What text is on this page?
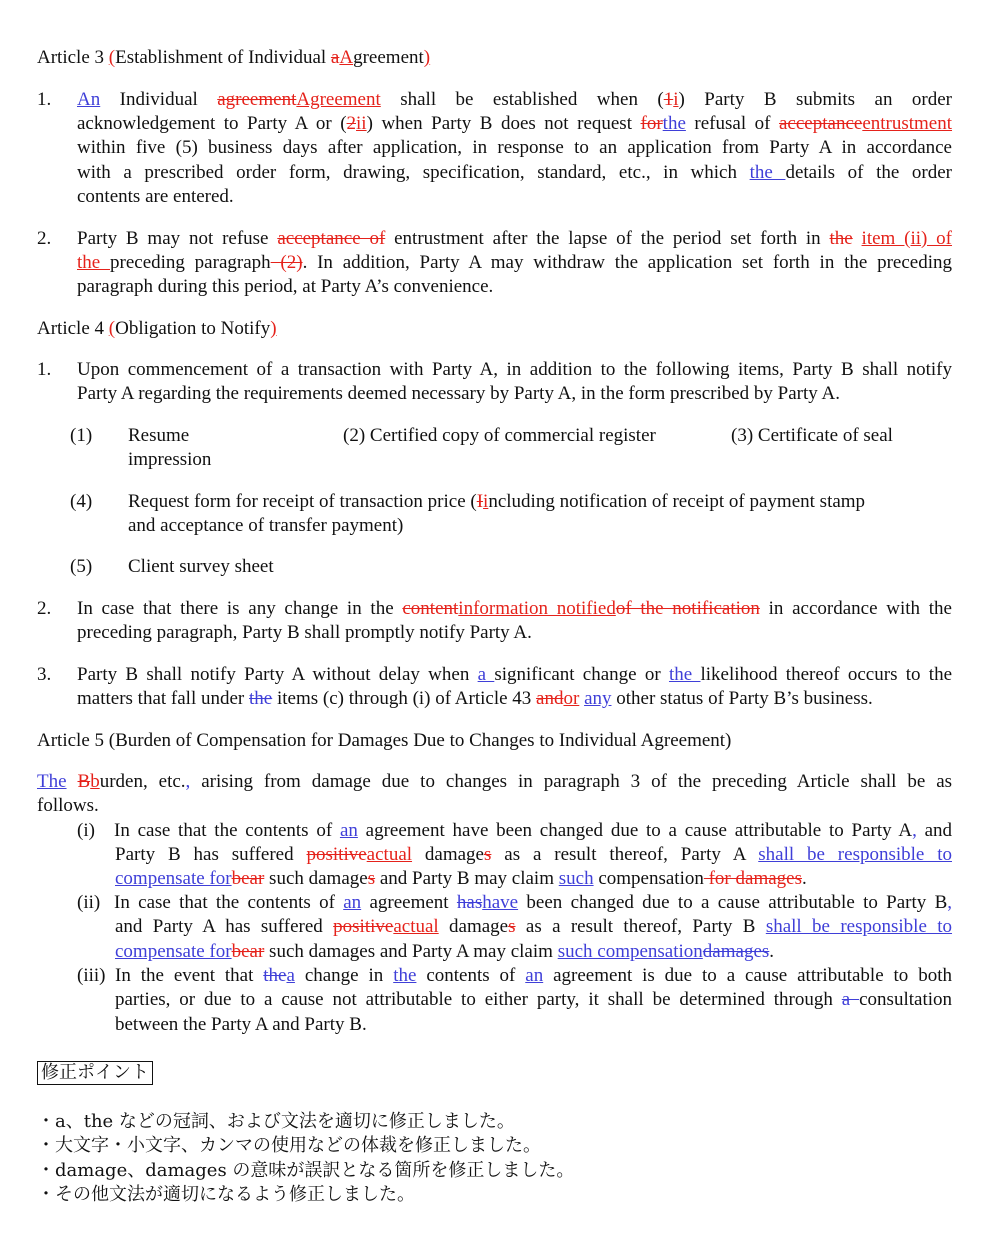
Article 3 (Establishment of Individual aAgreement)
1. An Individual agreementAgreement shall be established when (1i) Party B submits an order
acknowledgement to Party A or (2ii) when Party B does not request forthe refusal of acceptanceentrustment
within five (5) business days after application, in response to an application from Party A in accordance
with a prescribed order form, drawing, specification, standard, etc., in which the details of the order
contents are entered.
2. Party B may not refuse acceptance of entrustment after the lapse of the period set forth in the item (ii) of
the preceding paragraph (2). In addition, Party A may withdraw the application set forth in the preceding
paragraph during this period, at Party A’s convenience.
Article 4 (Obligation to Notify)
1. Upon commencement of a transaction with Party A, in addition to the following items, Party B shall notify
Party A regarding the requirements deemed necessary by Party A, in the form prescribed by Party A.
(1) Resume
impression
(2) Certified copy of commercial register	(3) Certificate of seal
(4) Request form for receipt of transaction price (Iincluding notification of receipt of payment stamp
and acceptance of transfer payment)
(5) Client survey sheet
2. In case that there is any change in the contentinformation notifiedof the notification in accordance with the
preceding paragraph, Party B shall promptly notify Party A.
3. Party B shall notify Party A without delay when a significant change or the likelihood thereof occurs to the
matters that fall under the items (c) through (i) of Article 43 andor any other status of Party B’s business.
Article 5 (Burden of Compensation for Damages Due to Changes to Individual Agreement)
The Bburden, etc., arising from damage due to changes in paragraph 3 of the preceding Article shall be as
follows.
(i) In case that the contents of an agreement have been changed due to a cause attributable to Party A, and
Party B has suffered positiveactual damages as a result thereof, Party A shall be responsible to
compensate forbear such damages and Party B may claim such compensation for damages.
(ii) In case that the contents of an agreement hashave been changed due to a cause attributable to Party B,
and Party A has suffered positiveactual damages as a result thereof, Party B shall be responsible to
compensate forbear such damages and Party A may claim such compensationdamages.
(iii) In the event that thea change in the contents of an agreement is due to a cause attributable to both
parties, or due to a cause not attributable to either party, it shall be determined through a consultation
between the Party A and Party B.
修正ポイント
・a、the などの冠詞、および文法を適切に修正しました。
・大文字・小文字、カンマの使用などの体裁を修正しました。
・damage、damages の意味が誤訳となる箇所を修正しました。
・その他文法が適切になるよう修正しました。
